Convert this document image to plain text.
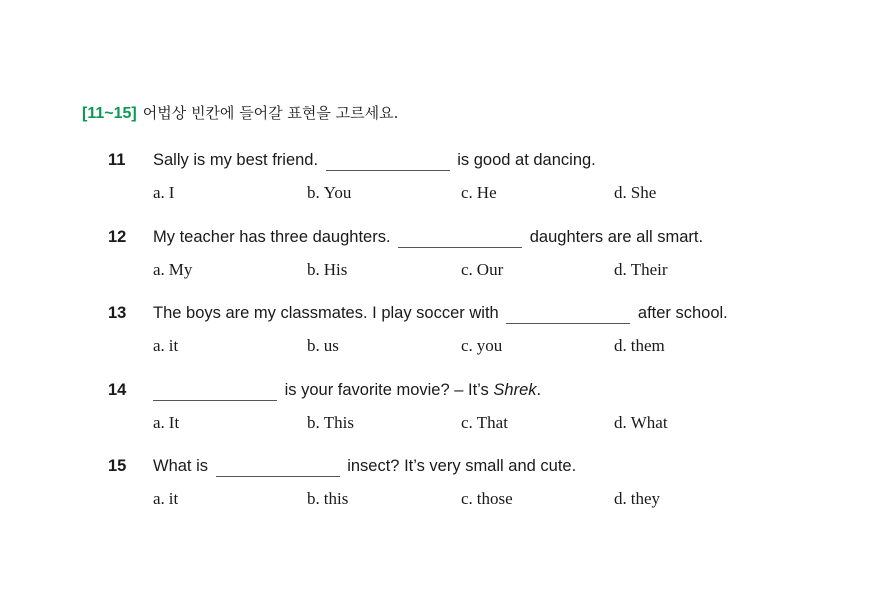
[11~15] 어법상 빈칸에 들어갈 표현을 고르세요.
11 Sally is my best friend.	is good at dancing.
a. I	b. You	c. He	d. She
12 My teacher has three daughters.	daughters are all smart.
a. My	b. His	c. Our	d. Their
13 The boys are my classmates. I play soccer with	after school.
a. it	b. us	c. you	d. them
14	is your favorite movie? – It’s Shrek.
a. It	b. This	c. That	d. What
15 What is	insect? It’s very small and cute.
a. it	b. this	c. those	d. they
